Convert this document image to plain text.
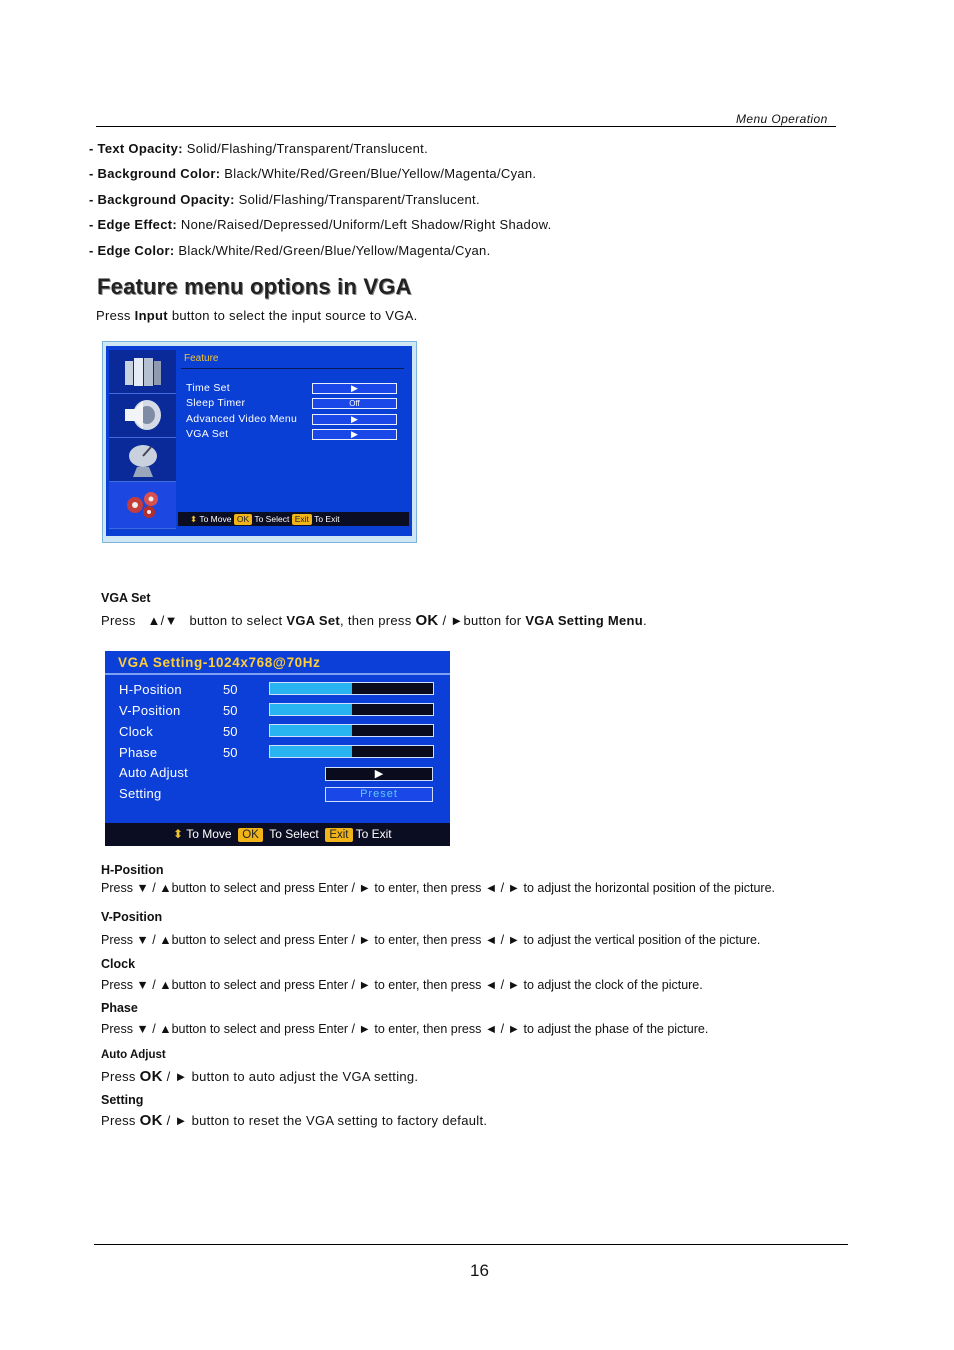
Menu Operation
- Text Opacity: Solid/Flashing/Transparent/Translucent.
- Background Color: Black/White/Red/Green/Blue/Yellow/Magenta/Cyan.
- Background Opacity: Solid/Flashing/Transparent/Translucent.
- Edge Effect: None/Raised/Depressed/Uniform/Left Shadow/Right Shadow.
- Edge Color: Black/White/Red/Green/Blue/Yellow/Magenta/Cyan.
Feature menu options in VGA
Press Input button to select the input source to VGA.
Feature
Time Set	▶
Sleep Timer	Off
Advanced Video Menu	▶
VGA Set	▶
⬍ To Move OK To Select Exit To Exit
VGA Set
Press   ▲/▼   button to select VGA Set, then press OK / ►button for VGA Setting Menu.
VGA Setting-1024x768@70Hz
H-Position	50
V-Position	50
Clock	50
Phase	50
Auto Adjust	▶
Setting	Preset
⬍ To Move OK To Select Exit To Exit
H-Position
Press ▼ / ▲button to select and press Enter / ► to enter, then press ◄ / ► to adjust the horizontal position of the picture.
V-Position
Press ▼ / ▲button to select and press Enter / ► to enter, then press ◄ / ► to adjust the vertical position of the picture.
Clock
Press ▼ / ▲button to select and press Enter / ► to enter, then press ◄ / ► to adjust the clock of the picture.
Phase
Press ▼ / ▲button to select and press Enter / ► to enter, then press ◄ / ► to adjust the phase of the picture.
Auto Adjust
Press OK / ► button to auto adjust the VGA setting.
Setting
Press OK / ► button to reset the VGA setting to factory default.
16
